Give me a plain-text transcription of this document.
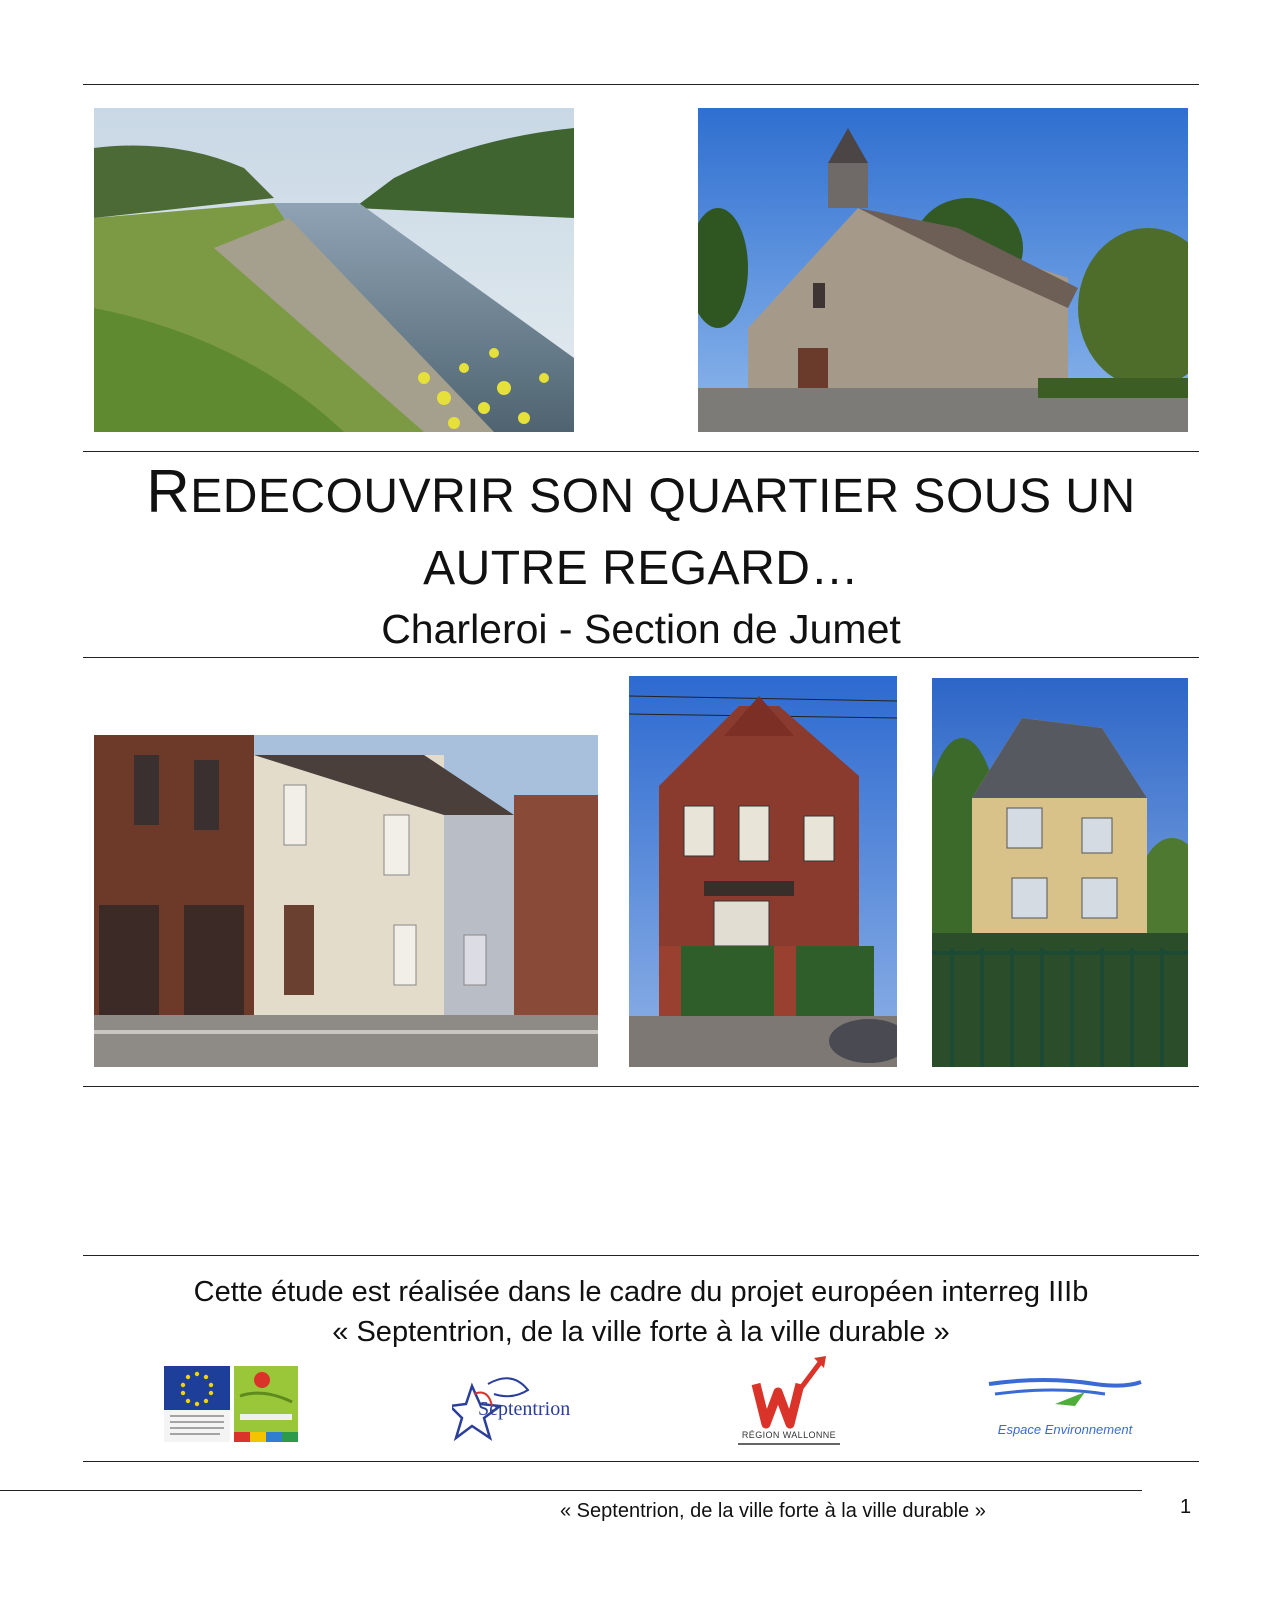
REDECOUVRIR SON QUARTIER SOUS UN
AUTRE REGARD…
Charleroi - Section de Jumet
Cette étude est réalisée dans le cadre du projet européen interreg IIIb
« Septentrion, de la ville forte à la ville durable »
Septentrion
RÉGION WALLONNE	Espace Environnement
« Septentrion, de la ville forte à la ville durable »	1
